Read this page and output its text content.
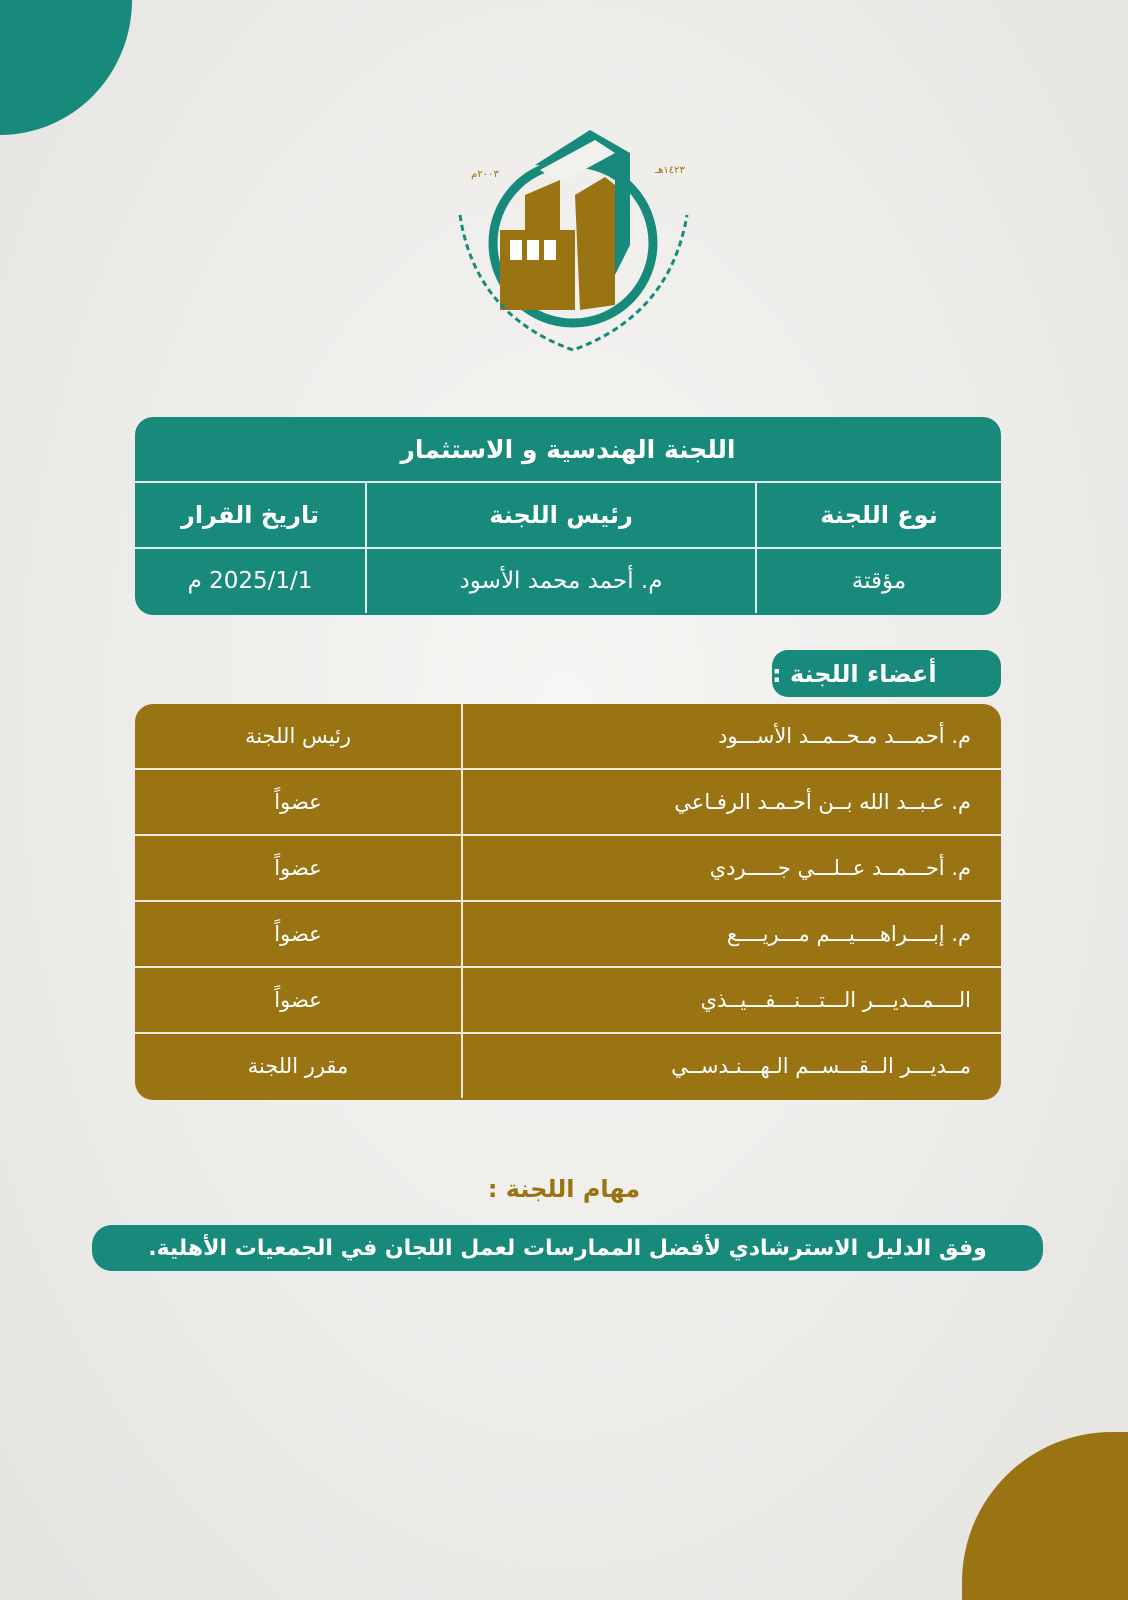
١٤٢٣هـ
٢٠٠٣م
اللجنة الهندسية و الاستثمار
نوع اللجنة
رئيس اللجنة
تاريخ القرار
مؤقتة
م. أحمد محمد الأسود
2025/1/1 م
أعضاء اللجنة :
م. أحمـــد مـحــمــد الأســـود
رئيس اللجنة
م. عـبــد الله بــن أحـمـد الرفـاعي
عضواً
م. أحـــمــد عــلـــي جـــــردي
عضواً
م. إبــــراهــــيـــم مـــريــــع
عضواً
الــــمــديـــر الـــتـــنـــفـــيــذي
عضواً
مــديـــر الــقـــســم الـهـــنـدســي
مقرر اللجنة
مهام اللجنة :
وفق الدليل الاسترشادي لأفضل الممارسات لعمل اللجان في الجمعيات الأهلية.
